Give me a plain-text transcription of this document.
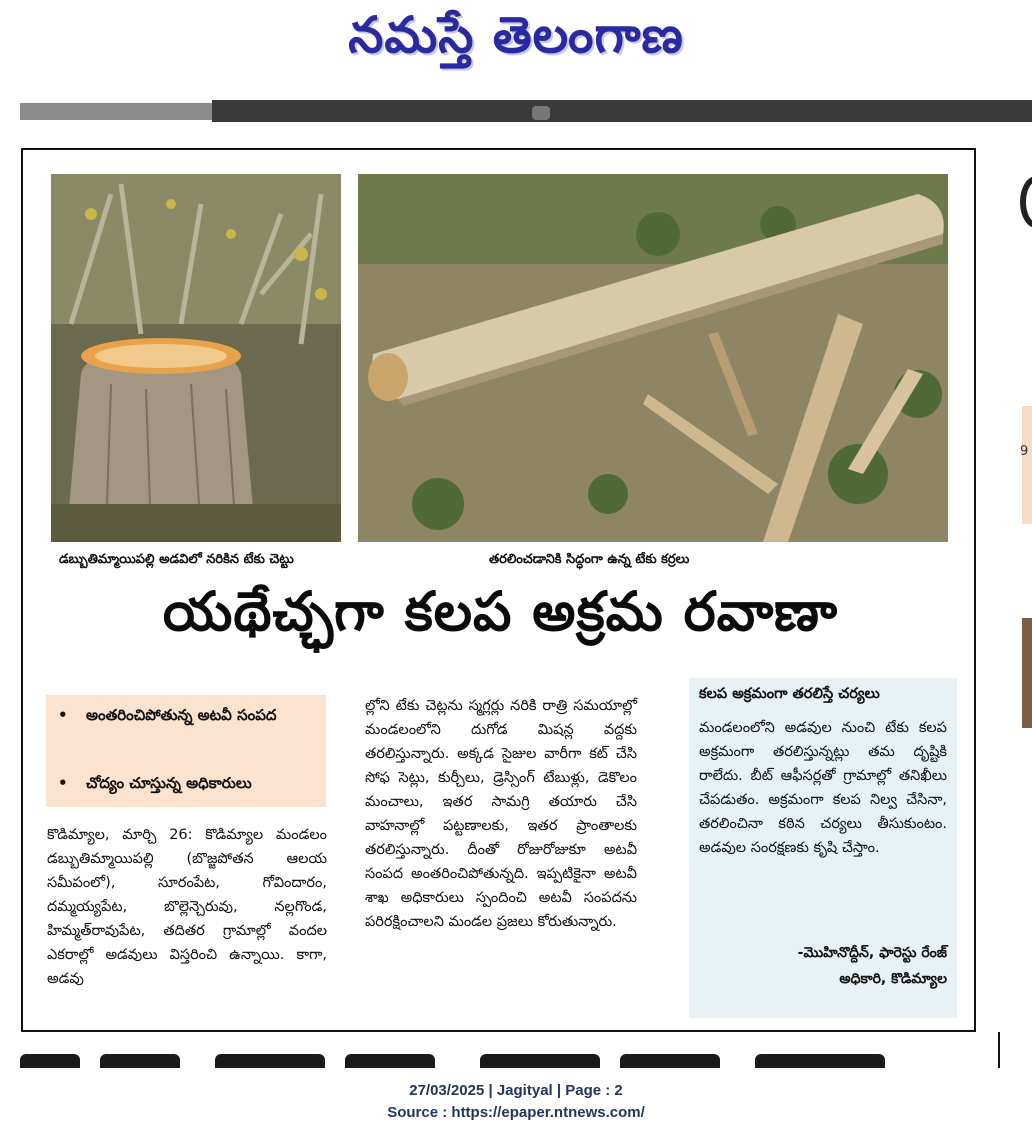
నమస్తే తెలంగాణ
డబ్బుతిమ్మాయిపల్లి అడవిలో నరికిన టేకు చెట్టు	తరలించడానికి సిద్ధంగా ఉన్న టేకు కర్రలు
యథేచ్ఛగా కలప అక్రమ రవాణా
• అంతరించిపోతున్న అటవీ సంపద
• చోద్యం చూస్తున్న అధికారులు
కొడిమ్యాల, మార్చి 26: కొడిమ్యాల మండలం డబ్బుతిమ్మాయిపల్లి (బొజ్జపోతన ఆలయ సమీపంలో), సూరంపేట, గోవిందారం, దమ్మయ్యపేట, బొల్లెన్చెరువు, నల్లగొండ, హిమ్మత్‌రావుపేట, తదితర గ్రామాల్లో వందల ఎకరాల్లో అడవులు విస్తరించి ఉన్నాయి. కాగా, అడవు
ల్లోని టేకు చెట్లను స్మగ్లర్లు నరికి రాత్రి సమయాల్లో మండలంలోని దుగోడ మిషన్ల వద్దకు తరలిస్తున్నారు. అక్కడ సైజుల వారీగా కట్ చేసి సోఫ సెట్లు, కుర్చీలు, డ్రెస్సింగ్ టేబుళ్లు, డెకొలం మంచాలు, ఇతర సామగ్రి తయారు చేసి వాహనాల్లో పట్టణాలకు, ఇతర ప్రాంతాలకు తరలిస్తున్నారు. దీంతో రోజురోజుకూ అటవీ సంపద అంతరించిపోతున్నది. ఇప్పటికైనా అటవీ శాఖ అధికారులు స్పందించి అటవీ సంపదను పరిరక్షించాలని మండల ప్రజలు కోరుతున్నారు.
కలప అక్రమంగా తరలిస్తే చర్యలు
మండలంలోని అడవుల నుంచి టేకు కలప అక్రమంగా తరలిస్తున్నట్లు తమ దృష్టికి రాలేదు. బీట్ ఆఫీసర్లతో గ్రామాల్లో తనిఖీలు చేపడుతం. అక్రమంగా కలప నిల్వ చేసినా, తరలించినా కఠిన చర్యలు తీసుకుంటం. అడవుల సంరక్షణకు కృషి చేస్తాం.
-మొహినొద్దీన్, ఫారెస్టు రేంజ్
అధికారి, కొడిమ్యాల
9

27/03/2025 | Jagityal | Page : 2
Source : https://epaper.ntnews.com/
